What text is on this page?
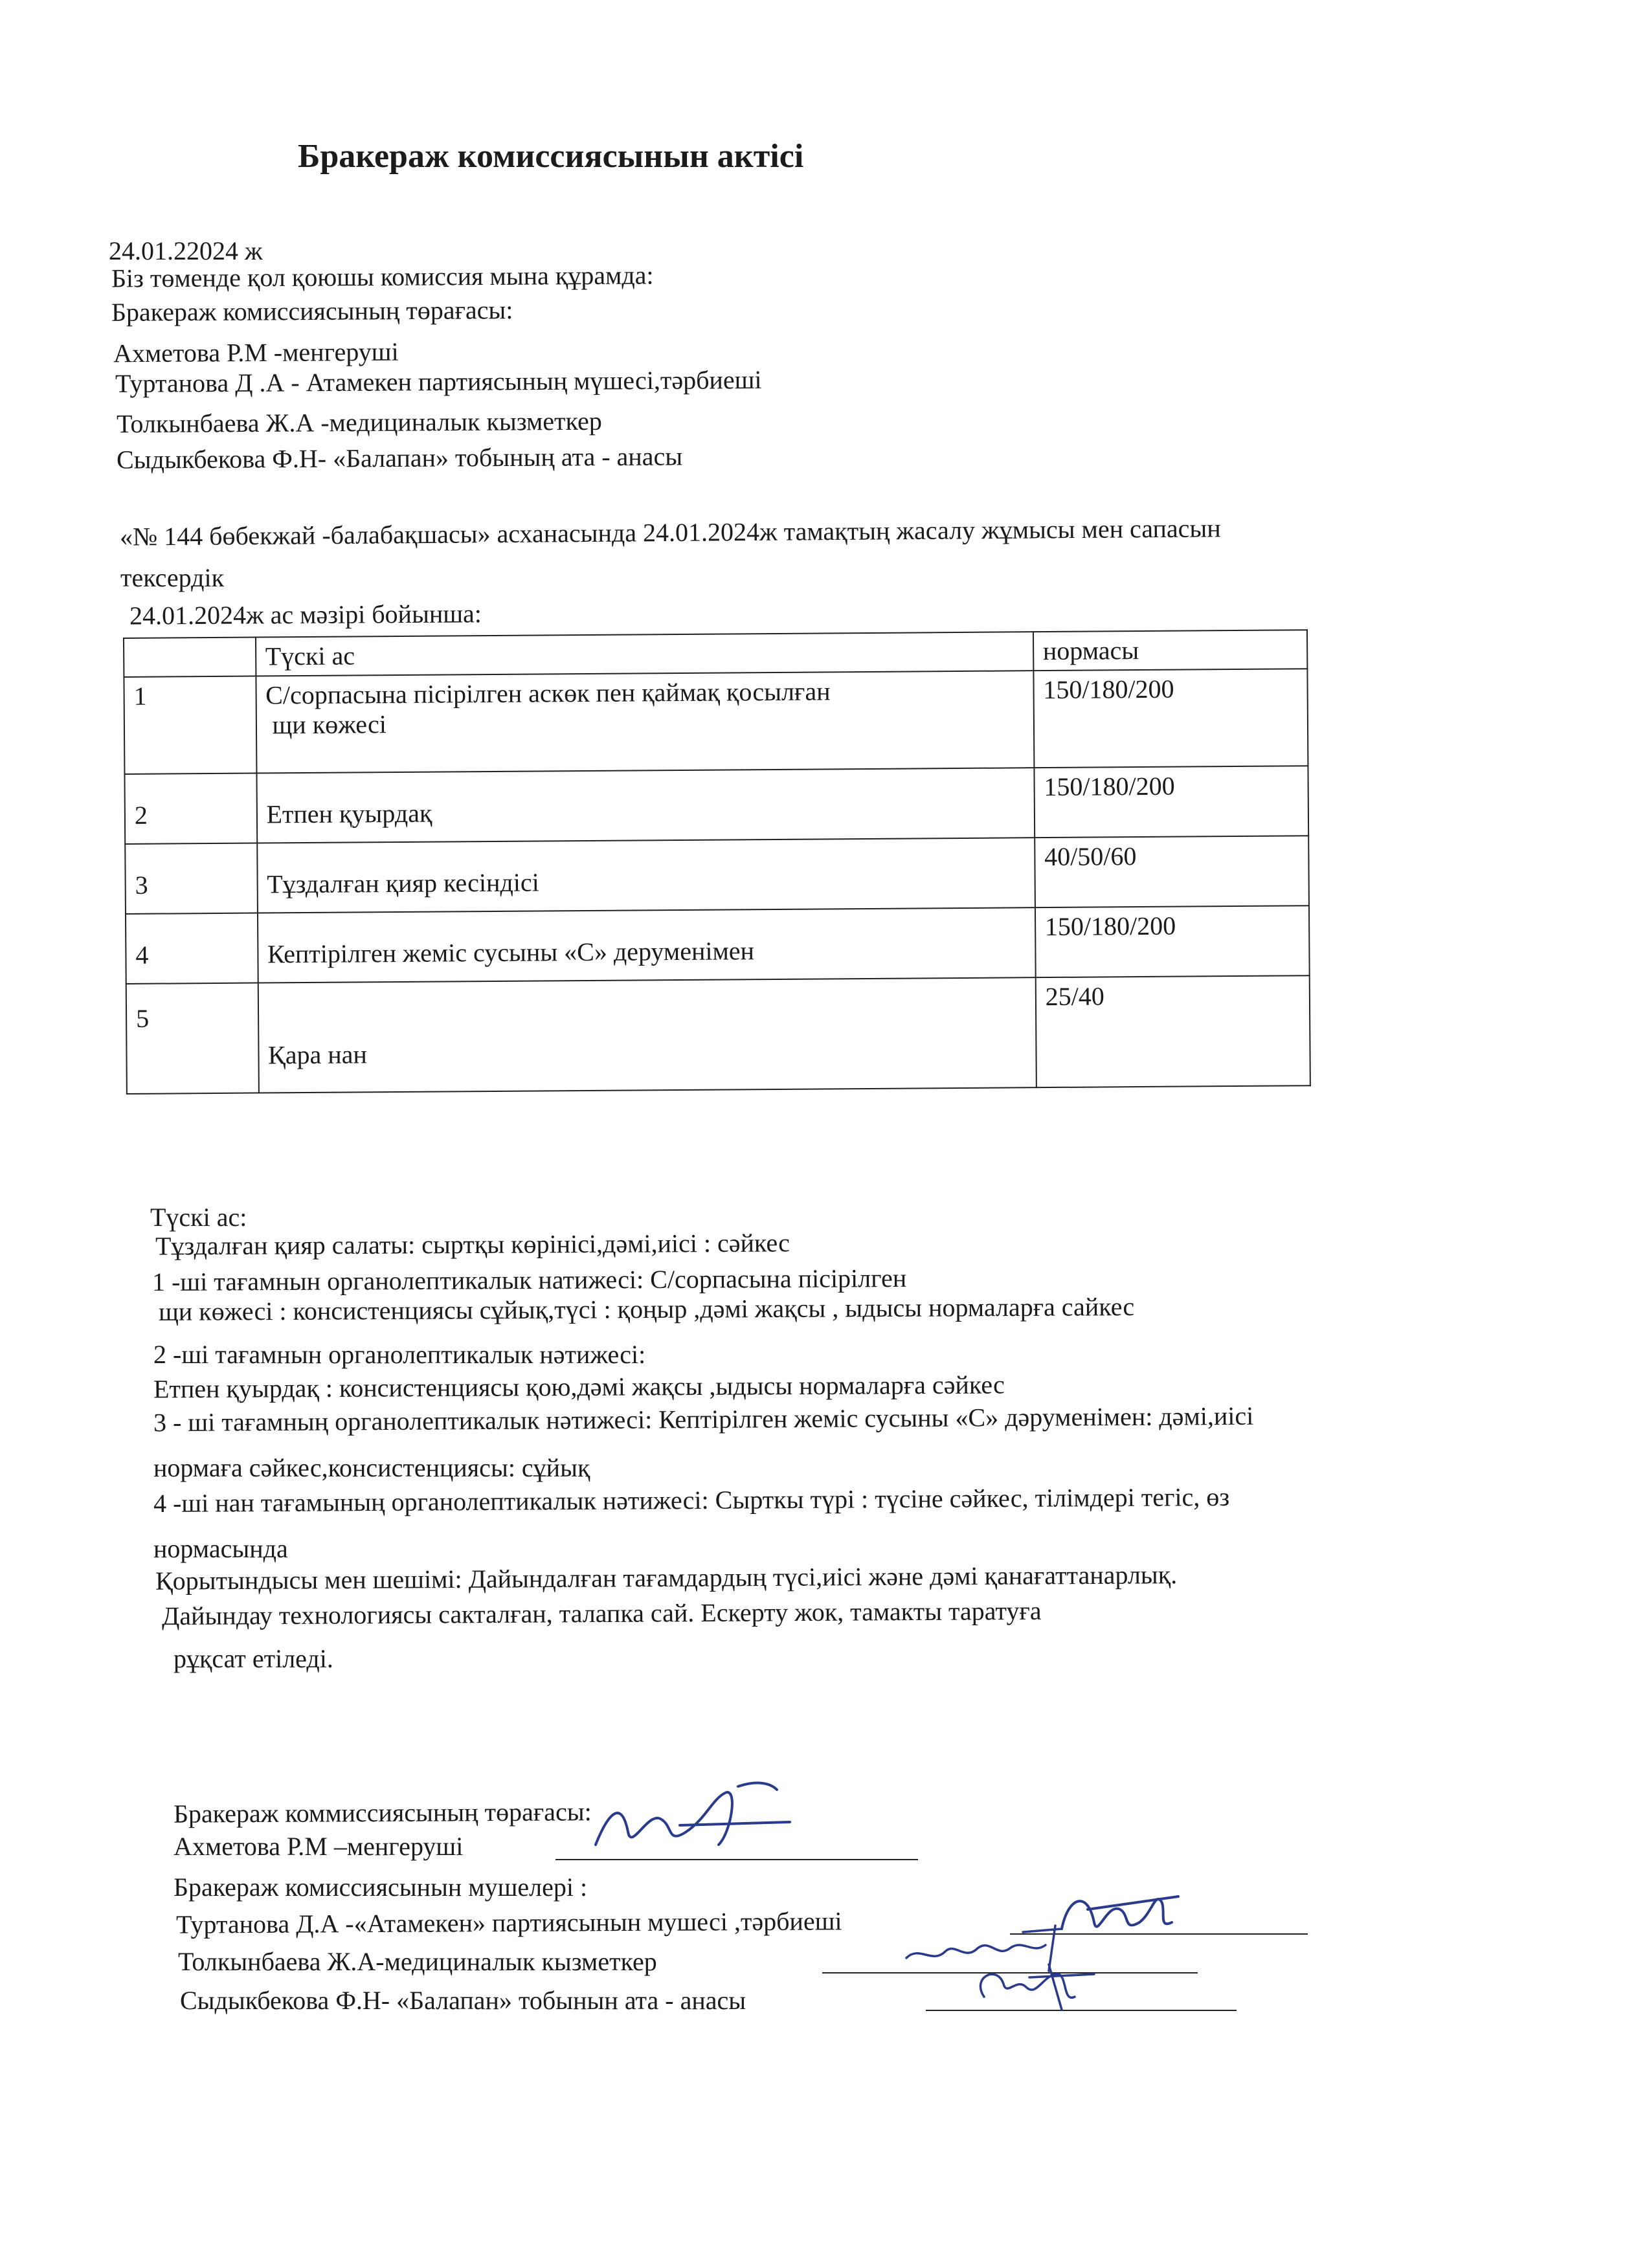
Бракераж комиссиясынын актісі
24.01.22024 ж
Біз төменде қол қоюшы комиссия мына құрамда:
Бракераж комиссиясының төрағасы:
Ахметова Р.М -менгеруші
Туртанова Д .А - Атамекен партиясының мүшесі,тәрбиеші
Толкынбаева Ж.А -медициналык кызметкер
Сыдыкбекова Ф.Н- «Балапан» тобының ата - анасы
«№ 144 бөбекжай -балабақшасы» асханасында 24.01.2024ж тамақтың жасалу жұмысы мен сапасын
тексердік
24.01.2024ж ас мәзірі бойынша:
	Түскі ас	нормасы
1	С/сорпасына пісірілген аскөк пен қаймақ қосылған
щи көжесі	150/180/200
2	Етпен қуырдақ	150/180/200
3	Тұздалған қияр кесіндісі	40/50/60
4	Кептірілген жеміс сусыны «С» деруменімен	150/180/200
5	Қара нан	25/40
Түскі ас:
Тұздалған қияр салаты: сыртқы көрінісі,дәмі,иісі : сәйкес
1 -ші тағамнын органолептикалык натижесі: С/сорпасына пісірілген
щи көжесі : консистенциясы сұйық,түсі : қоңыр ,дәмі жақсы , ыдысы нормаларға сайкес
2 -ші тағамнын органолептикалык нәтижесі:
Етпен қуырдақ : консистенциясы қою,дәмі жақсы ,ыдысы нормаларға сәйкес
3 - ші тағамның органолептикалык нәтижесі: Кептірілген жеміс сусыны «С» дәруменімен: дәмі,иісі
нормаға сәйкес,консистенциясы: сұйық
4 -ші нан тағамының органолептикалык нәтижесі: Сырткы түрі : түсіне сәйкес, тілімдері тегіс, өз
нормасында
Қорытындысы мен шешімі: Дайындалған тағамдардың түсі,иісі және дәмі қанағаттанарлық.
Дайындау технологиясы сакталған, талапка сай. Ескерту жок, тамакты таратуға
рұқсат етіледі.
Бракераж коммиссиясының төрағасы:
Ахметова Р.М –менгеруші
Бракераж комиссиясынын мушелері :
Туртанова Д.А -«Атамекен» партиясынын мушесі ,тәрбиеші
Толкынбаева Ж.А-медициналык кызметкер
Сыдыкбекова Ф.Н- «Балапан» тобынын ата - анасы
